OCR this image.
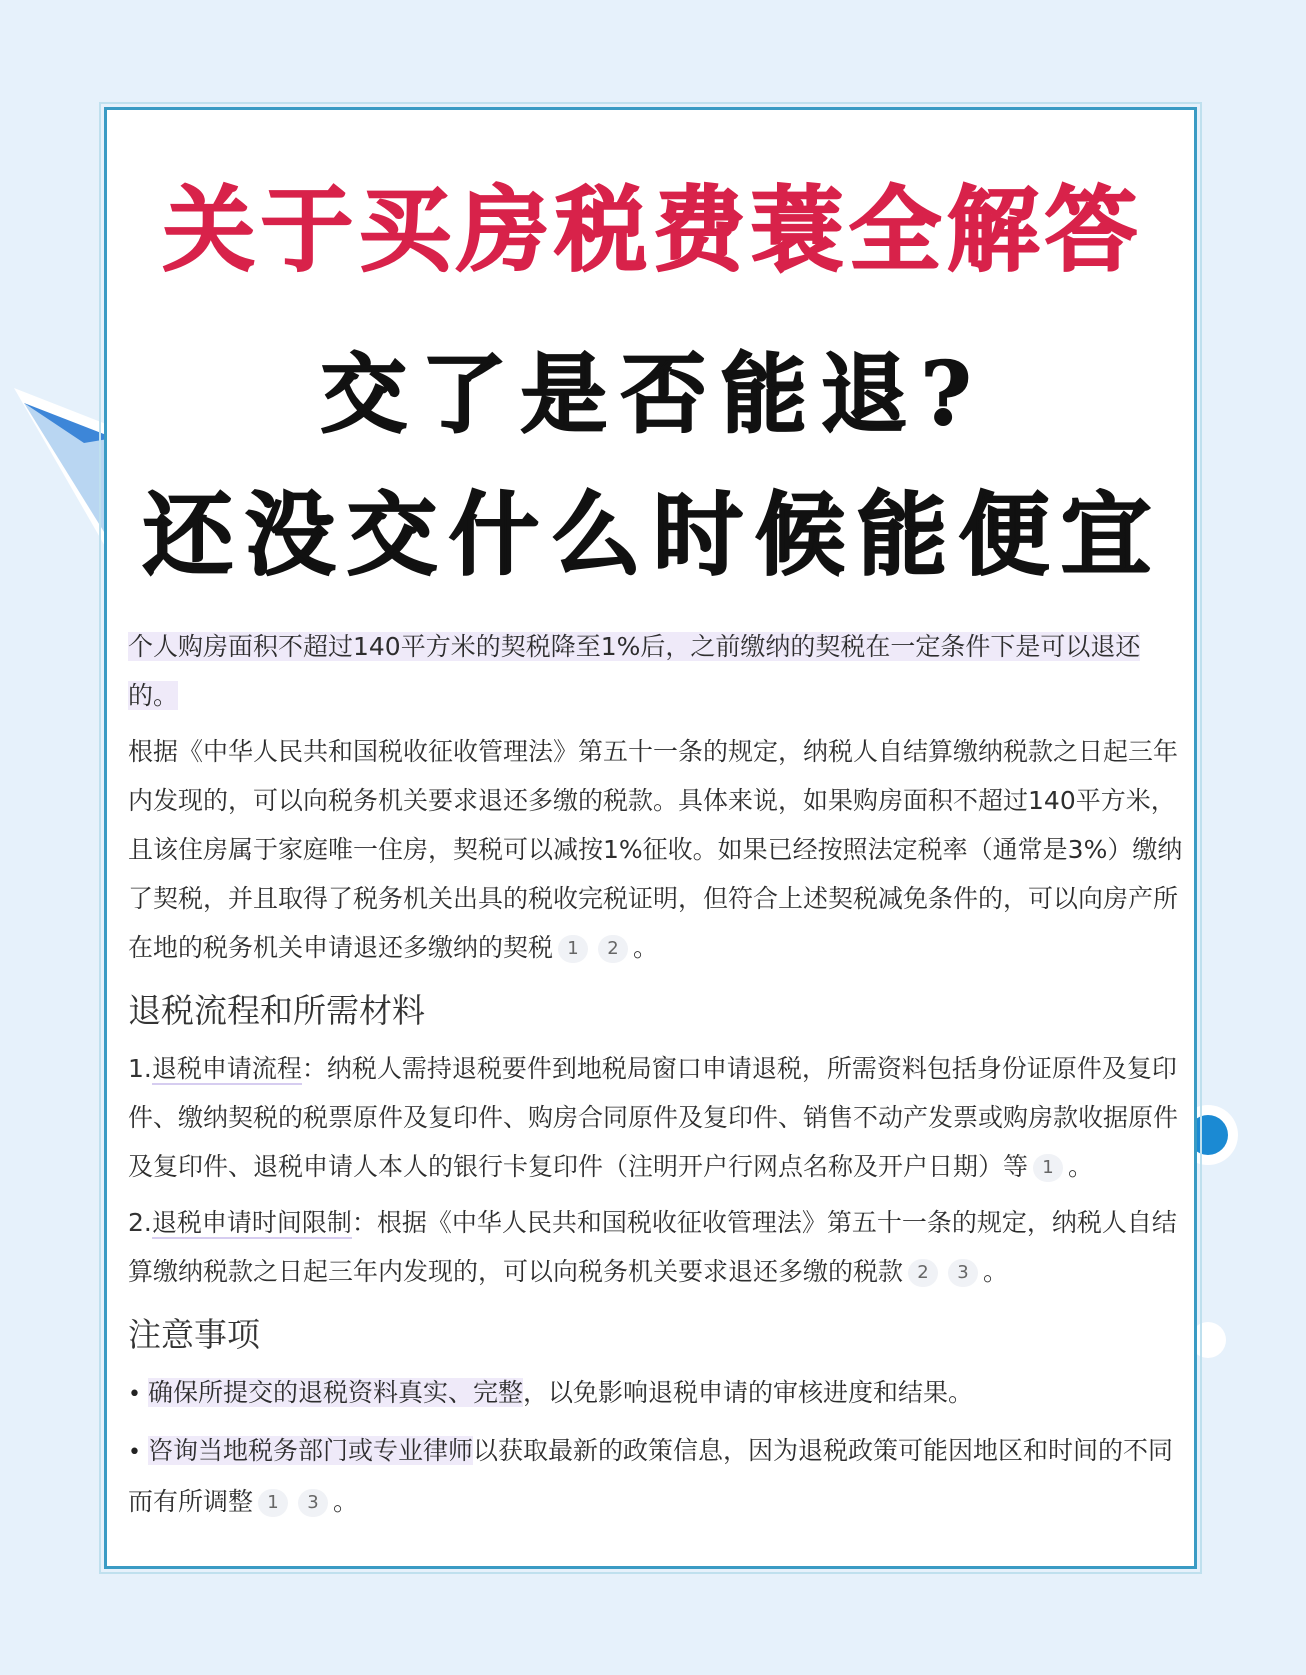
关于买房税费蓑全解答
交了是否能退?
还没交什么时候能便宜

个人购房面积不超过140平方米的契税降至1%后，之前缴纳的契税在一定条件下是可以退还的。

根据《中华人民共和国税收征收管理法》第五十一条的规定，纳税人自结算缴纳税款之日起三年内发现的，可以向税务机关要求退还多缴的税款。具体来说，如果购房面积不超过140平方米，且该住房属于家庭唯一住房，契税可以减按1%征收。如果已经按照法定税率（通常是3%）缴纳了契税，并且取得了税务机关出具的税收完税证明，但符合上述契税减免条件的，可以向房产所在地的税务机关申请退还多缴纳的契税 1 2 。

退税流程和所需材料

1.退税申请流程：纳税人需持退税要件到地税局窗口申请退税，所需资料包括身份证原件及复印件、缴纳契税的税票原件及复印件、购房合同原件及复印件、销售不动产发票或购房款收据原件及复印件、退税申请人本人的银行卡复印件（注明开户行网点名称及开户日期）等 1 。

2.退税申请时间限制：根据《中华人民共和国税收征收管理法》第五十一条的规定，纳税人自结算缴纳税款之日起三年内发现的，可以向税务机关要求退还多缴的税款 2 3 。

注意事项

• 确保所提交的退税资料真实、完整，以免影响退税申请的审核进度和结果。

• 咨询当地税务部门或专业律师以获取最新的政策信息，因为退税政策可能因地区和时间的不同而有所调整 1 3 。
